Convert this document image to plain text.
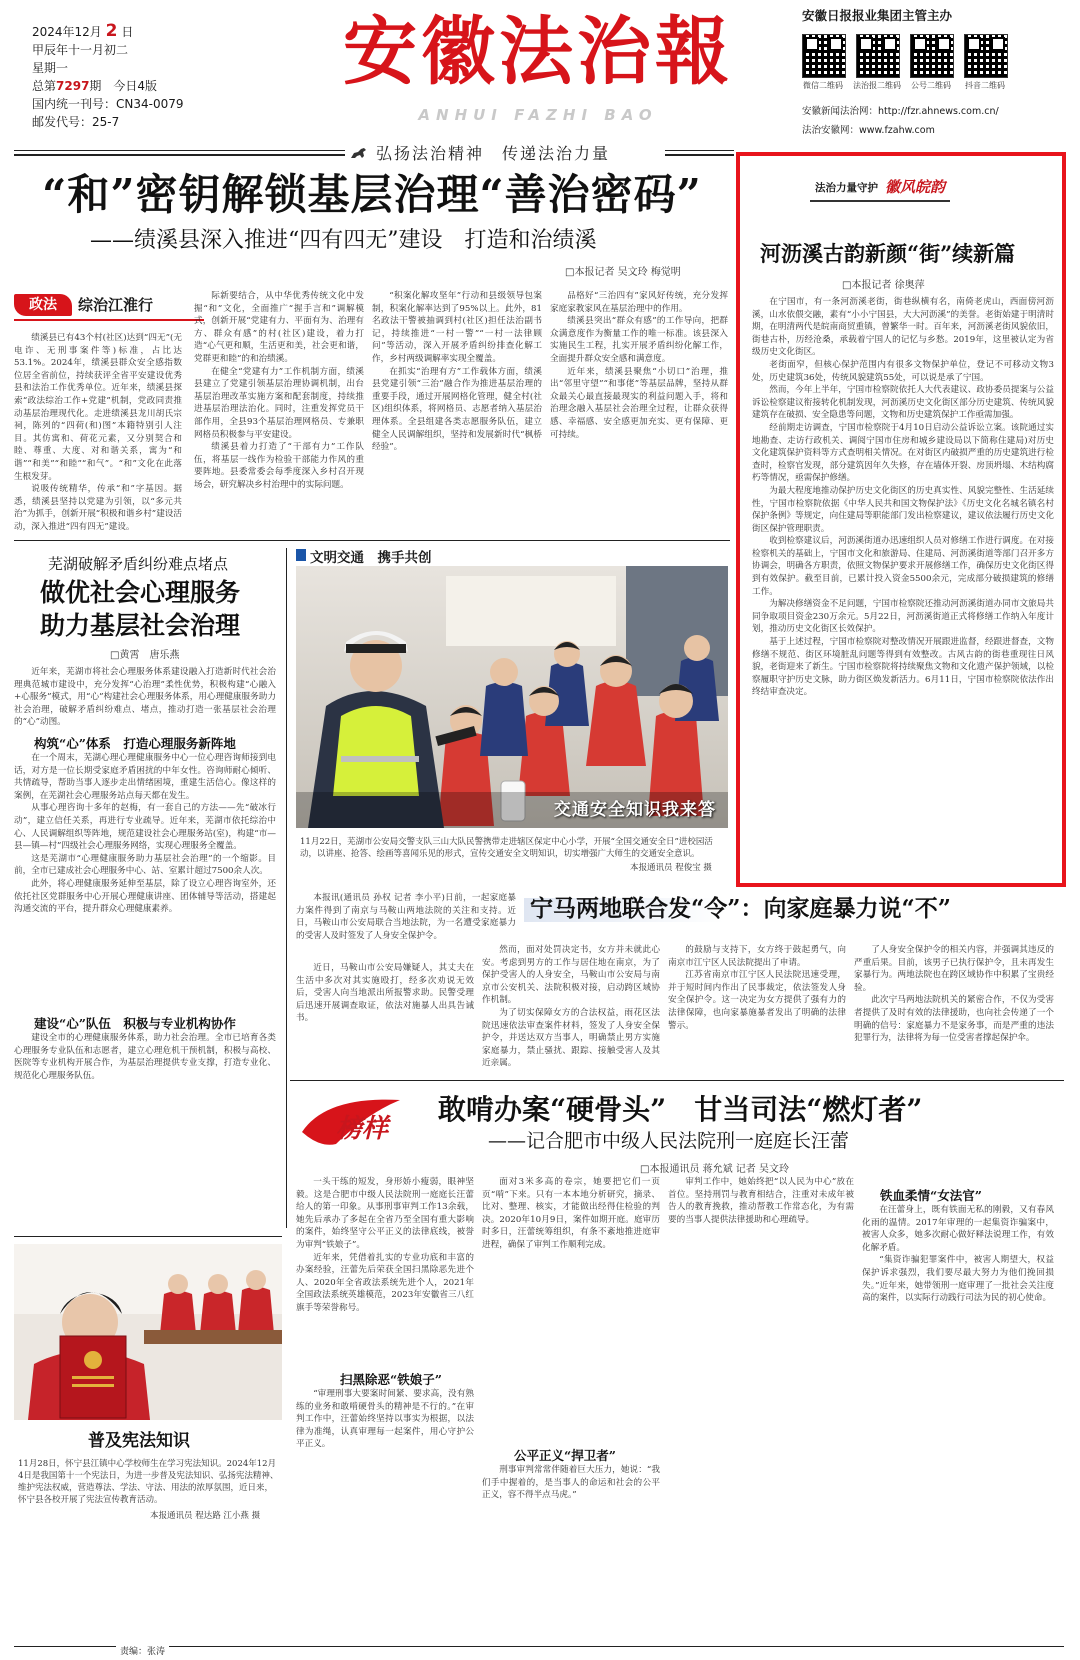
2024年12月 2 日
甲辰年十一月初二
星期一
总第7297期　今日4版
国内统一刊号：CN34-0079
邮发代号：25-7
安徽法治報
ANHUI FAZHI BAO
安徽日报报业集团主管主办
微信二维码	法治报二维码	公号二维码	抖音二维码
安徽新闻法治网：http://fzr.ahnews.com.cn/
法治安徽网：www.fzahw.com
弘扬法治精神　传递法治力量
“和”密钥解锁基层治理“善治密码”
——绩溪县深入推进“四有四无”建设　打造和治绩溪
□本报记者 吴文玲 梅觉明
政法	综治江淮行

绩溪县已有43个村(社区)达到“四无”(无电诈、无刑事案件等)标准，占比达53.1%。2024年，绩溪县群众安全感指数位居全省前位，持续获评全省平安建设优秀县和法治工作优秀单位。近年来，绩溪县探索“政法综治工作+党建”机制，党政同责推动基层治理现代化。走进绩溪县龙川胡氏宗祠，陈列的“四荷(和)图”本籍特别引人注目。其仿寓和、荷花元素，又分别契合和睦、尊重、大度、对和谐关系，寓为“和谐”“和美”“和睦”“和气”。“和”文化在此落生根发芽。

说吸传统精华，传承“和”字基因。据悉，绩溪县坚持以党建为引领，以“多元共治”为抓手，创新开展“积极和谐乡村”建设活动，深入推进“四有四无”建设。

际新要结合，从中华优秀传统文化中发掘“和”文化，全面推广“握手言和”调解模式，创新开展“党建有力、平面有为、治理有方、群众有感”的村(社区)建设，着力打造“心气更和顺，生活更和美，社会更和谐，党群更和睦”的和治绩溪。

在健全“党建有力”工作机制方面，绩溪县建立了党建引领基层治理协调机制，出台基层治理改革实施方案和配套制度，持续推进基层治理法治化。同时，注重发挥党员干部作用，全县93个基层治理网格员、专兼职网格员积极参与平安建设。

绩溪县着力打造了“干部有力”工作队伍，将基层一线作为检验干部能力作风的重要阵地。县委常委会每季度深入乡村召开现场会，研究解决乡村治理中的实际问题。

“积案化解攻坚年”行动和县级领导包案制，积案化解率达到了95%以上。此外，81名政法干警被抽调到村(社区)担任法治副书记，持续推进“一村一警”“一村一法律顾问”等活动，深入开展矛盾纠纷排查化解工作，乡村两级调解率实现全覆盖。

在抓实“治理有方”工作载体方面，绩溪县党建引领“三治”融合作为推进基层治理的重要手段，通过开展网格化管理，健全村(社区)组织体系，将网格员、志愿者纳入基层治理体系。全县组建各类志愿服务队伍，建立健全人民调解组织，坚持和发展新时代“枫桥经验”。

品格好“三治四有”家风好传统，充分发挥家庭家教家风在基层治理中的作用。

绩溪县突出“群众有感”的工作导向，把群众满意度作为衡量工作的唯一标准。该县深入实施民生工程，扎实开展矛盾纠纷化解工作，全面提升群众安全感和满意度。

近年来，绩溪县聚焦“小切口”治理，推出“邻里守望”“和事佬”等基层品牌，坚持从群众最关心最直接最现实的利益问题入手，将和治理念融入基层社会治理全过程，让群众获得感、幸福感、安全感更加充实、更有保障、更可持续。

芜湖破解矛盾纠纷难点堵点
做优社会心理服务
助力基层社会治理
□黄霄　唐乐燕

近年来，芜湖市将社会心理服务体系建设融入打造新时代社会治理典范城市建设中，充分发挥“心治理”柔性优势，积极构建“心融入+心服务”模式，用“心”构建社会心理服务体系，用心理健康服务助力社会治理，破解矛盾纠纷难点、堵点，推动打造一张基层社会治理的“心”动图。

构筑“心”体系　打造心理服务新阵地

在一个周末，芜湖心理心理健康服务中心一位心理咨询师接到电话，对方是一位长期受家庭矛盾困扰的中年女性。咨询师耐心倾听、共情疏导，帮助当事人逐步走出情绪困境，重建生活信心。像这样的案例，在芜湖社会心理服务站点每天都在发生。

从事心理咨询十多年的赵梅，有一套自己的方法——先“破冰行动”，建立信任关系，再进行专业疏导。近年来，芜湖市依托综治中心、人民调解组织等阵地，规范建设社会心理服务站(室)，构建“市—县—镇—村”四级社会心理服务网络，实现心理服务全覆盖。

这是芜湖市“心理健康服务助力基层社会治理”的一个缩影。目前，全市已建成社会心理服务中心、站、室累计超过7500余人次。

此外，将心理健康服务延伸至基层，除了设立心理咨询室外，还依托社区党群服务中心开展心理健康讲座、团体辅导等活动，搭建起沟通交流的平台，提升群众心理健康素养。

建设“心”队伍　积极与专业机构协作

建设全市的心理健康服务体系，助力社会治理。全市已培育各类心理服务专业队伍和志愿者，建立心理危机干预机制，积极与高校、医院等专业机构开展合作，为基层治理提供专业支撑，打造专业化、规范化心理服务队伍。

文明交通　携手共创
交通安全知识我来答
11月22日，芜湖市公安局交警支队三山大队民警携带走进辖区保定中心小学，开展“全国交通安全日”进校园活动，以讲座、抢答、绘画等喜闻乐见的形式，宣传交通安全文明知识，切实增强广大师生的交通安全意识。
本报通讯员 程俊宝 摄
法治力量守护 徽风皖韵
河沥溪古韵新颜“街”续新篇
□本报记者 徐奥萍

在宁国市，有一条河沥溪老街，街巷纵横有名，南倚老虎山，西面傍河沥溪，山水依偎交融，素有“小小宁国县，大大河沥溪”的美誉。老街始建于明清时期，在明清两代是皖南商贸重镇，曾繁华一时。百年来，河沥溪老街风貌依旧，街巷古朴，历经沧桑，承载着宁国人的记忆与乡愁。2019年，这里被认定为省级历史文化街区。

老街面窄，但核心保护范围内有很多文物保护单位，登记不可移动文物3处，历史建筑36处，传统风貌建筑55处，可以说是承了宁国。

然而，今年上半年，宁国市检察院依托人大代表建议、政协委员提案与公益诉讼检察建议衔接转化机制发现，河沥溪历史文化街区部分历史建筑、传统风貌建筑存在破损、安全隐患等问题，文物和历史建筑保护工作亟需加强。

经前期走访调查，宁国市检察院于4月10日启动公益诉讼立案。该院通过实地勘查、走访行政机关、调阅宁国市住房和城乡建设局以下简称住建局)对历史文化建筑保护资料等方式查明相关情况。在对街区内破损严重的历史建筑进行检查时，检察官发现，部分建筑因年久失修，存在墙体开裂、房顶坍塌、木结构腐朽等情况，亟需保护修缮。

为最大程度地推动保护历史文化街区的历史真实性、风貌完整性、生活延续性，宁国市检察院依据《中华人民共和国文物保护法》《历史文化名城名镇名村保护条例》等规定，向住建局等职能部门发出检察建议，建议依法履行历史文化街区保护管理职责。

收到检察建议后，河沥溪街道办迅速组织人员对修缮工作进行调度。在对接检察机关的基础上，宁国市文化和旅游局、住建局、河沥溪街道等部门召开多方协调会，明确各方职责，依照文物保护要求开展修缮工作，确保历史文化街区得到有效保护。截至目前，已累计投入资金5500余元，完成部分破损建筑的修缮工作。

为解决修缮资金不足问题，宁国市检察院还推动河沥溪街道办同市文旅局共同争取项目资金230万余元。5月22日，河沥溪街道正式将修缮工作纳入年度计划，推动历史文化街区长效保护。

基于上述过程，宁国市检察院对整改情况开展跟进监督，经跟进督查，文物修缮不规范、街区环境脏乱问题等得到有效整改。古风古韵的街巷重现往日风貌，老街迎来了新生。宁国市检察院将持续聚焦文物和文化遗产保护领域，以检察履职守护历史文脉，助力街区焕发新活力。6月11日，宁国市检察院依法作出终结审查决定。

宁马两地联合发“令”：向家庭暴力说“不”

本报讯(通讯员 孙权 记者 李小平)日前，一起家庭暴力案件得到了南京与马鞍山两地法院的关注和支持。近日，马鞍山市公安局联合当地法院，为一名遭受家庭暴力的受害人及时签发了人身安全保护令。

近日，马鞍山市公安局嫌疑人，其丈夫在生活中多次对其实施殴打，经多次劝说无效后，受害人向当地派出所报警求助。民警受理后迅速开展调查取证，依法对施暴人出具告诫书。

然而，面对处罚决定书，女方并未就此心安。考虑到男方的工作与居住地在南京，为了保护受害人的人身安全，马鞍山市公安局与南京市公安机关、法院积极对接，启动跨区域协作机制。

为了切实保障女方的合法权益，雨花区法院迅速依法审查案件材料，签发了人身安全保护令，并送达双方当事人，明确禁止男方实施家庭暴力，禁止骚扰、跟踪、接触受害人及其近亲属。

的鼓励与支持下，女方终于鼓起勇气，向南京市江宁区人民法院提出了申请。

江苏省南京市江宁区人民法院迅速受理，并于短时间内作出了民事裁定，依法签发人身安全保护令。这一决定为女方提供了强有力的法律保障，也向家暴施暴者发出了明确的法律警示。

了人身安全保护令的相关内容，并强调其违反的严重后果。目前，该男子已执行保护令，且未再发生家暴行为。两地法院也在跨区域协作中积累了宝贵经验。

此次宁马两地法院机关的紧密合作，不仅为受害者提供了及时有效的法律援助，也向社会传递了一个明确的信号：家庭暴力不是家务事，而是严重的违法犯罪行为，法律将为每一位受害者撑起保护伞。

榜样
敢啃办案“硬骨头”　甘当司法“燃灯者”
——记合肥市中级人民法院刑一庭庭长汪蕾
□本报通讯员 蒋允斌 记者 吴文玲

一头干练的短发，身形娇小瘦弱，眼神坚毅。这是合肥市中级人民法院刑一庭庭长汪蕾给人的第一印象。从事刑事审判工作13余载，她先后承办了多起在全省乃至全国有重大影响的案件，始终坚守公平正义的法律底线，被誉为审判“铁娘子”。

近年来，凭借着扎实的专业功底和丰富的办案经验，汪蕾先后荣获全国扫黑除恶先进个人、2020年全省政法系统先进个人，2021年全国政法系统英雄模范，2023年安徽省三八红旗手等荣誉称号。

扫黑除恶“铁娘子”

“审理刑事大要案时间紧、要求高，没有熟练的业务和敢啃硬骨头的精神是不行的。”在审判工作中，汪蕾始终坚持以事实为根据，以法律为准绳，认真审理每一起案件，用心守护公平正义。

面对3米多高的卷宗，她要把它们一页页“啃”下来。只有一本本地分析研究，摘录、比对、整理、核实，才能做出经得住检验的判决。2020年10月9日，案件如期开庭。庭审历时多日，汪蕾统筹组织，有条不紊地推进庭审进程，确保了审判工作顺利完成。

公平正义“捍卫者”

刑事审判常常伴随着巨大压力，她说：“我们手中握着的，是当事人的命运和社会的公平正义，容不得半点马虎。”

审判工作中，她始终把“以人民为中心”放在首位。坚持刑罚与教育相结合，注重对未成年被告人的教育挽救，推动帮教工作常态化，为有需要的当事人提供法律援助和心理疏导。

铁血柔情“女法官”

在汪蕾身上，既有铁面无私的刚毅，又有春风化雨的温情。2017年审理的一起集资诈骗案中，被害人众多，她多次耐心做好释法说理工作，有效化解矛盾。

“集资诈骗犯罪案件中，被害人期望大，权益保护诉求强烈，我们要尽最大努力为他们挽回损失。”近年来，她带领刑一庭审理了一批社会关注度高的案件，以实际行动践行司法为民的初心使命。

普及宪法知识
11月28日，怀宁县江镇中心学校师生在学习宪法知识。2024年12月4日是我国第十一个宪法日，为进一步普及宪法知识、弘扬宪法精神、维护宪法权威，营造尊法、学法、守法、用法的浓厚氛围，近日来，怀宁县各校开展了宪法宣传教育活动。
本报通讯员 程达路 江小燕 摄
责编：张涛
